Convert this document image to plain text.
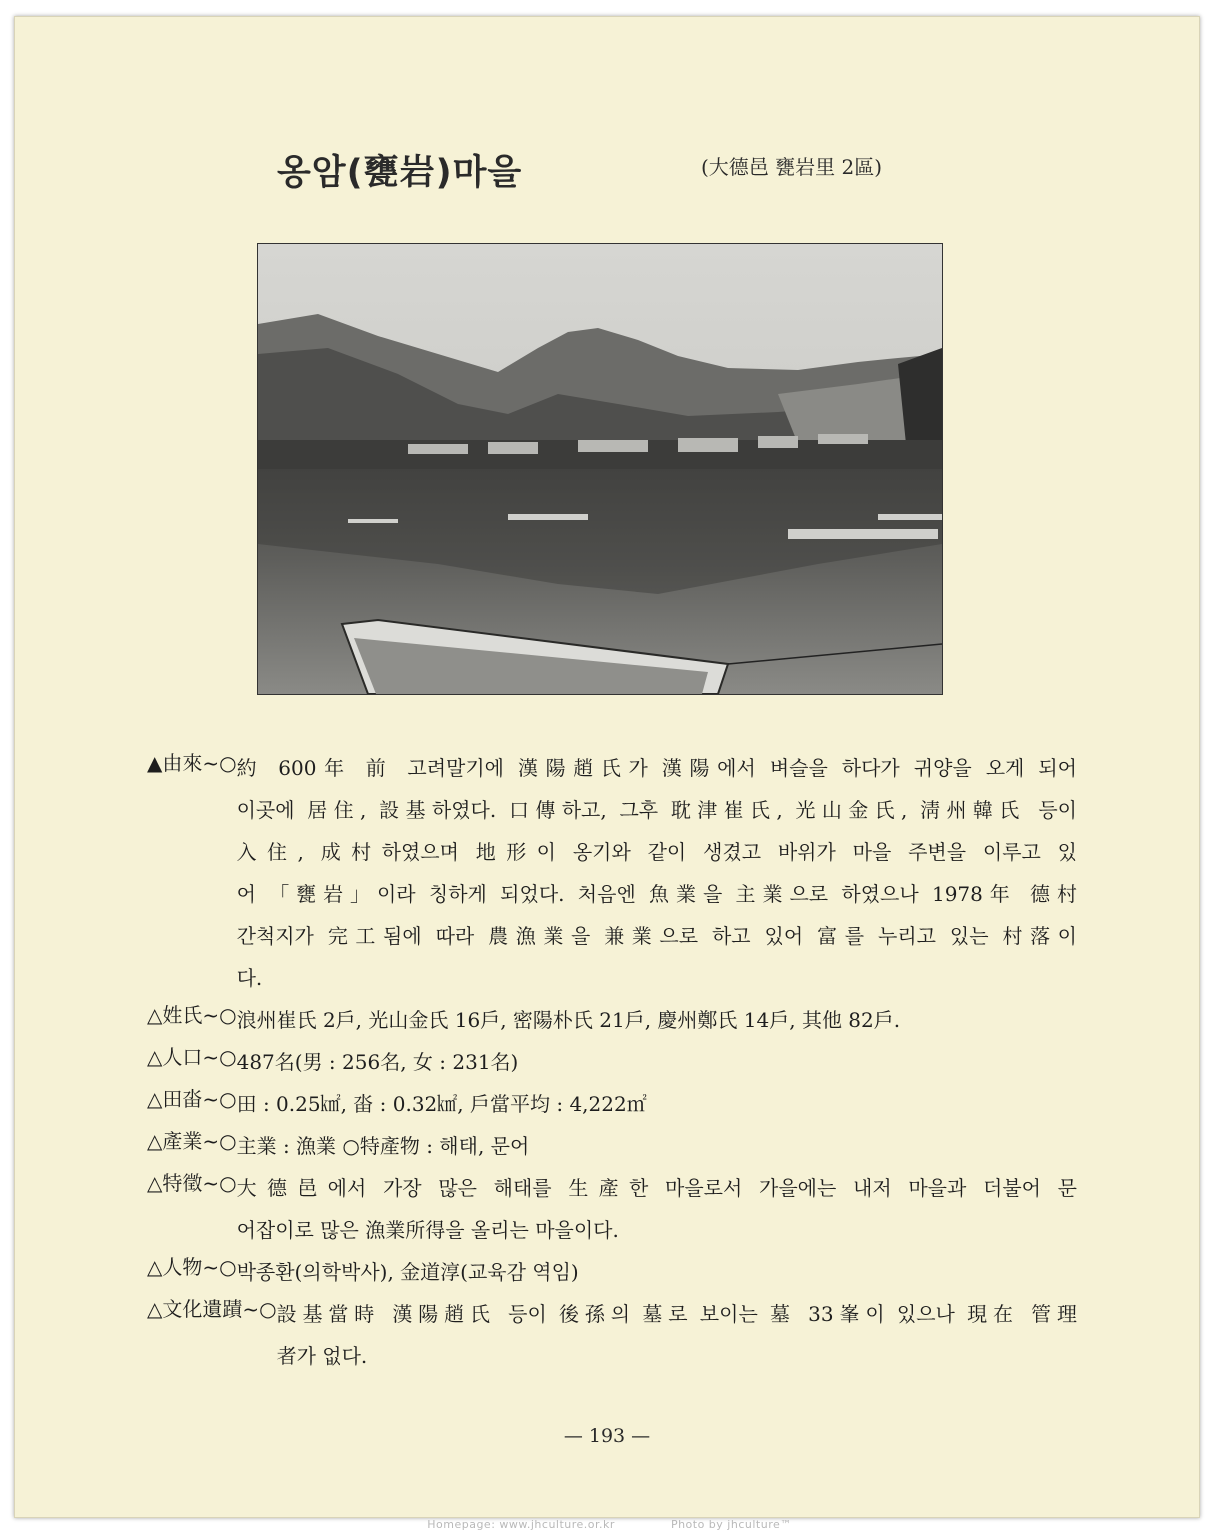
옹암(甕岩)마을	(大德邑 甕岩里 2區)
▲由來~○ 約 600年 前 고려말기에 漢陽趙氏가 漢陽에서 벼슬을 하다가 귀양을 오게 되어
이곳에 居住, 設基하였다. 口傳하고, 그후 耽津崔氏, 光山金氏, 淸州韓氏 등이
入住, 成村하였으며 地形이 옹기와 같이 생겼고 바위가 마을 주변을 이루고 있
어 「甕岩」이라 칭하게 되었다. 처음엔 魚業을 主業으로 하였으나 1978年 德村
간척지가 完工됨에 따라 農漁業을 兼業으로 하고 있어 富를 누리고 있는 村落이
다.
△姓氏~○ 浪州崔氏 2戶, 光山金氏 16戶, 密陽朴氏 21戶, 慶州鄭氏 14戶, 其他 82戶.
△人口~○ 487名(男 : 256名, 女 : 231名)
△田畓~○ 田 : 0.25㎢, 畓 : 0.32㎢, 戶當平均 : 4,222㎡
△產業~○ 主業 : 漁業 ○特產物 : 해태, 문어
△特徵~○ 大德邑에서 가장 많은 해태를 生產한 마을로서 가을에는 내저 마을과 더불어 문
어잡이로 많은 漁業所得을 올리는 마을이다.
△人物~○ 박종환(의학박사), 金道淳(교육감 역임)
△文化遺蹟~○ 設基當時 漢陽趙氏 등이 後孫의 墓로 보이는 墓 33峯이 있으나 現在 管理
者가 없다.
— 193 —
Homepage: www.jhculture.or.kr	Photo by jhculture™
